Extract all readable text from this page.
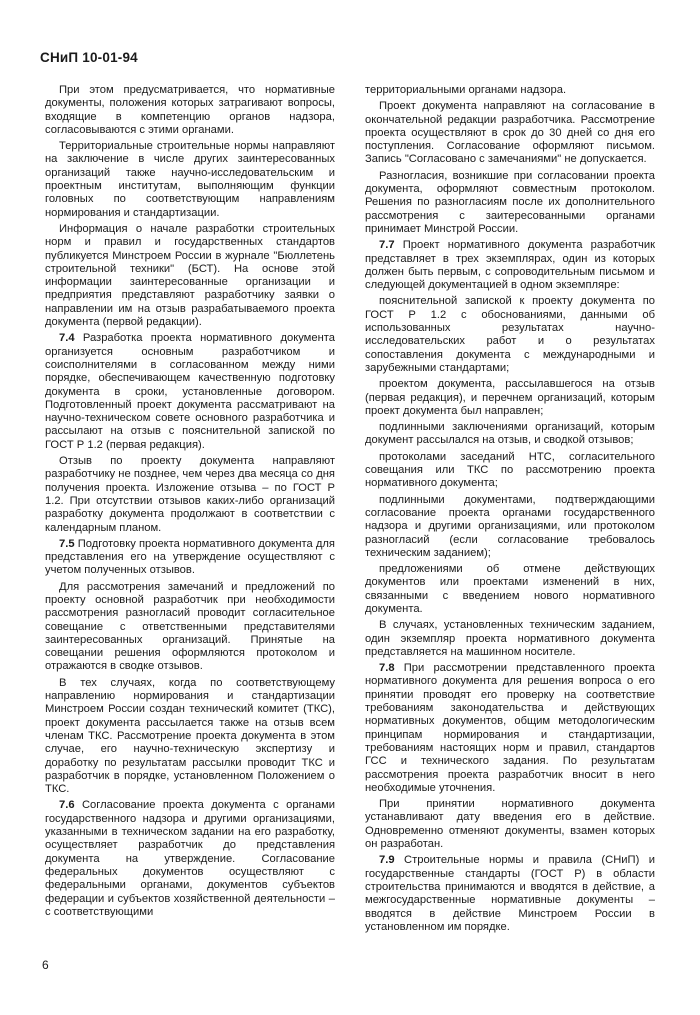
СНиП 10-01-94

При этом предусматривается, что нормативные документы, положения которых затрагивают вопросы, входящие в компетенцию органов надзора, согласовываются с этими органами.

Территориальные строительные нормы направляют на заключение в числе других заинтересованных организаций также научно-исследовательским и проектным институтам, выполняющим функции головных по соответствующим направлениям нормирования и стандартизации.

Информация о начале разработки строительных норм и правил и государственных стандартов публикуется Минстроем России в журнале "Бюллетень строительной техники" (БСТ). На основе этой информации заинтересованные организации и предприятия представляют разработчику заявки о направлении им на отзыв разрабатываемого проекта документа (первой редакции).

7.4 Разработка проекта нормативного документа организуется основным разработчиком и соисполнителями в согласованном между ними порядке, обеспечивающем качественную подготовку документа в сроки, установленные договором. Подготовленный проект документа рассматривают на научно-техническом совете основного разработчика и рассылают на отзыв с пояснительной запиской по ГОСТ Р 1.2 (первая редакция).

Отзыв по проекту документа направляют разработчику не позднее, чем через два месяца со дня получения проекта. Изложение отзыва – по ГОСТ Р 1.2. При отсутствии отзывов каких-либо организаций разработку документа продолжают в соответствии с календарным планом.

7.5 Подготовку проекта нормативного документа для представления его на утверждение осуществляют с учетом полученных отзывов.

Для рассмотрения замечаний и предложений по проекту основной разработчик при необходимости рассмотрения разногласий проводит согласительное совещание с ответственными представителями заинтересованных организаций. Принятые на совещании решения оформляются протоколом и отражаются в сводке отзывов.

В тех случаях, когда по соответствующему направлению нормирования и стандартизации Минстроем России создан технический комитет (ТКС), проект документа рассылается также на отзыв всем членам ТКС. Рассмотрение проекта документа в этом случае, его научно-техническую экспертизу и доработку по результатам рассылки проводит ТКС и разработчик в порядке, установленном Положением о ТКС.

7.6 Согласование проекта документа с органами государственного надзора и другими организациями, указанными в техническом задании на его разработку, осуществляет разработчик до представления документа на утверждение. Согласование федеральных документов осуществляют с федеральными органами, документов субъектов федерации и субъектов хозяйственной деятельности – с соответствующими

территориальными органами надзора.

Проект документа направляют на согласование в окончательной редакции разработчика. Рассмотрение проекта осуществляют в срок до 30 дней со дня его поступления. Согласование оформляют письмом. Запись "Согласовано с замечаниями" не допускается.

Разногласия, возникшие при согласовании проекта документа, оформляют совместным протоколом. Решения по разногласиям после их дополнительного рассмотрения с заитересованными органами принимает Минстрой России.

7.7 Проект нормативного документа разработчик представляет в трех экземплярах, один из которых должен быть первым, с сопроводительным письмом и следующей документацией в одном экземпляре:

пояснительной запиской к проекту документа по ГОСТ Р 1.2 с обоснованиями, данными об использованных результатах научно-исследовательских работ и о результатах сопоставления документа с международными и зарубежными стандартами;

проектом документа, рассылавшегося на отзыв (первая редакция), и перечнем организаций, которым проект документа был направлен;

подлинными заключениями организаций, которым документ рассылался на отзыв, и сводкой отзывов;

протоколами заседаний НТС, согласительного совещания или ТКС по рассмотрению проекта нормативного документа;

подлинными документами, подтверждающими согласование проекта органами государственного надзора и другими организациями, или протоколом разногласий (если согласование требовалось техническим заданием);

предложениями об отмене действующих документов или проектами изменений в них, связанными с введением нового нормативного документа.

В случаях, установленных техническим заданием, один экземпляр проекта нормативного документа представляется на машинном носителе.

7.8 При рассмотрении представленного проекта нормативного документа для решения вопроса о его принятии проводят его проверку на соответствие требованиям законодательства и действующих нормативных документов, общим методологическим принципам нормирования и стандартизации, требованиям настоящих норм и правил, стандартов ГСС и технического задания. По результатам рассмотрения проекта разработчик вносит в него необходимые уточнения.

При принятии нормативного документа устанавливают дату введения его в действие. Одновременно отменяют документы, взамен которых он разработан.

7.9 Строительные нормы и правила (СНиП) и государственные стандарты (ГОСТ Р) в области строительства принимаются и вводятся в действие, а межгосударственные нормативные документы – вводятся в действие Минстроем России в установленном им порядке.

6
